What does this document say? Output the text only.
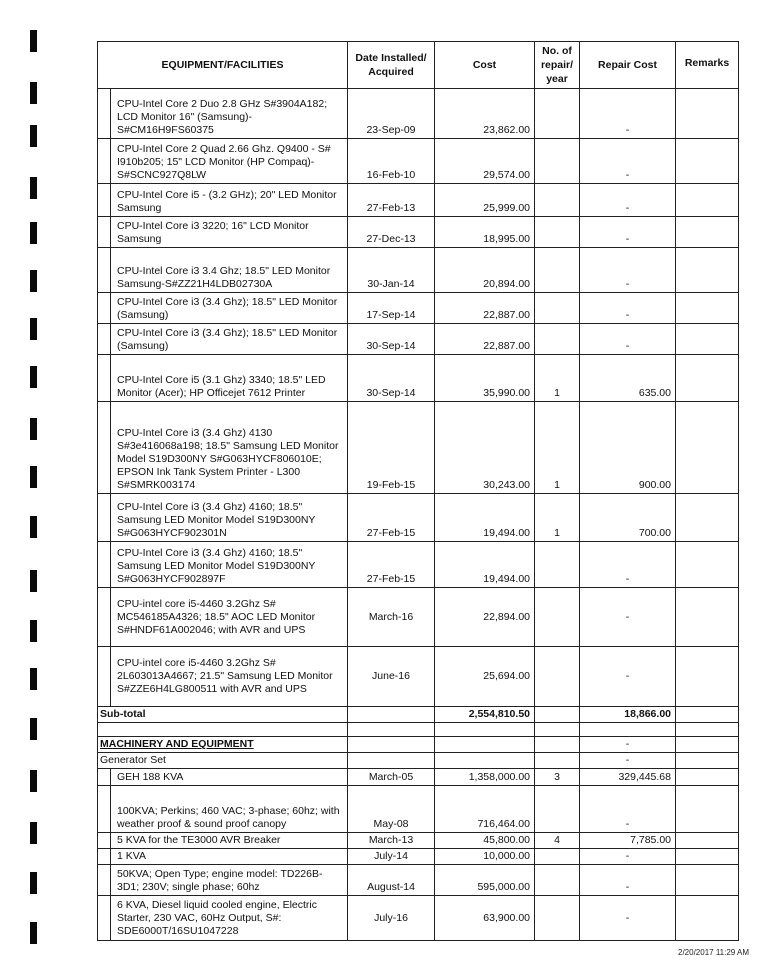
EQUIPMENT/FACILITIES		Date Installed/ Acquired	Cost	No. of repair/ year	Repair Cost	Remarks
	CPU-Intel Core 2 Duo 2.8 GHz S#3904A182; LCD Monitor 16" (Samsung)-S#CM16H9FS60375	23-Sep-09	23,862.00		-	
	CPU-Intel Core 2 Quad 2.66 Ghz. Q9400 - S# I910b205; 15" LCD Monitor (HP Compaq)-S#SCNC927Q8LW	16-Feb-10	29,574.00		-	
	CPU-Intel Core i5 - (3.2 GHz); 20" LED Monitor Samsung	27-Feb-13	25,999.00		-	
	CPU-Intel Core i3 3220; 16" LCD Monitor Samsung	27-Dec-13	18,995.00		-	
	CPU-Intel Core i3 3.4 Ghz; 18.5" LED Monitor Samsung-S#ZZ21H4LDB02730A	30-Jan-14	20,894.00		-	
	CPU-Intel Core i3 (3.4 Ghz); 18.5" LED Monitor (Samsung)	17-Sep-14	22,887.00		-	
	CPU-Intel Core i3 (3.4 Ghz); 18.5" LED Monitor (Samsung)	30-Sep-14	22,887.00		-	
	CPU-Intel Core i5 (3.1 Ghz) 3340; 18.5" LED Monitor (Acer); HP Officejet 7612 Printer	30-Sep-14	35,990.00	1	635.00	
	CPU-Intel Core i3 (3.4 Ghz) 4130 S#3e416068a198; 18.5" Samsung LED Monitor Model S19D300NY S#G063HYCF806010E; EPSON Ink Tank System Printer - L300 S#SMRK003174	19-Feb-15	30,243.00	1	900.00	
	CPU-Intel Core i3 (3.4 Ghz) 4160; 18.5" Samsung LED Monitor Model S19D300NY S#G063HYCF902301N	27-Feb-15	19,494.00	1	700.00	
	CPU-Intel Core i3 (3.4 Ghz) 4160; 18.5" Samsung LED Monitor Model S19D300NY S#G063HYCF902897F	27-Feb-15	19,494.00		-	
	CPU-intel core i5-4460 3.2Ghz S# MC546185A4326; 18.5" AOC LED Monitor S#HNDF61A002046; with AVR and UPS	March-16	22,894.00		-	
	CPU-intel core i5-4460 3.2Ghz S# 2L603013A4667; 21.5" Samsung LED Monitor S#ZZE6H4LG800511 with AVR and UPS	June-16	25,694.00		-	
Sub-total			2,554,810.50		18,866.00	

MACHINERY AND EQUIPMENT					-	
Generator Set					-	
	GEH 188 KVA	March-05	1,358,000.00	3	329,445.68	
	100KVA; Perkins; 460 VAC; 3-phase; 60hz; with weather proof & sound proof canopy	May-08	716,464.00		-	
	5 KVA for the TE3000 AVR Breaker	March-13	45,800.00	4	7,785.00	
	1 KVA	July-14	10,000.00		-	
	50KVA; Open Type; engine model: TD226B-3D1; 230V; single phase; 60hz	August-14	595,000.00		-	
	6 KVA, Diesel liquid cooled engine, Electric Starter, 230 VAC, 60Hz Output, S#: SDE6000T/16SU1047228	July-16	63,900.00		-	
2/20/2017 11:29 AM
